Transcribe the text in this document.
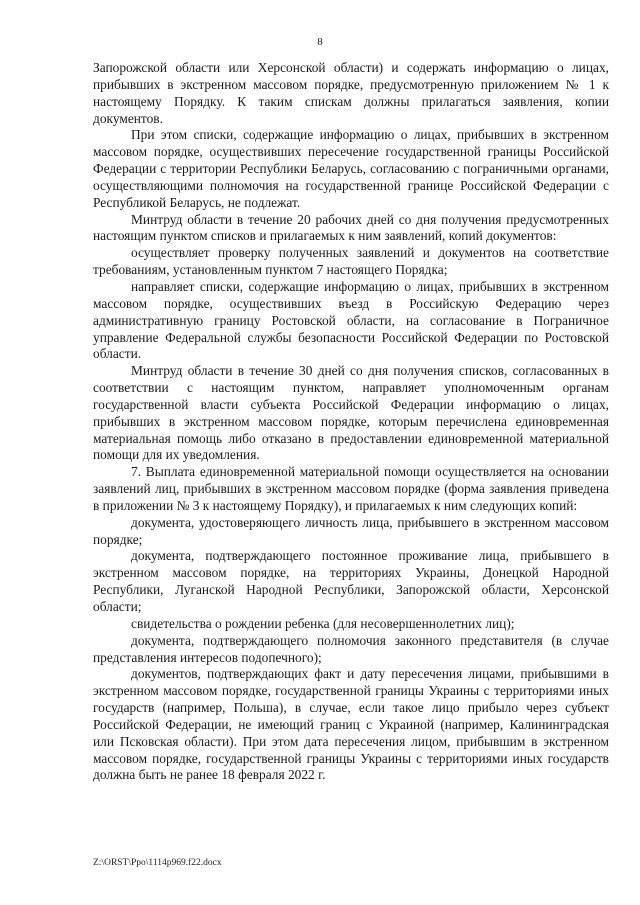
8

Запорожской области или Херсонской области) и содержать информацию о лицах, прибывших в экстренном массовом порядке, предусмотренную приложением № 1 к настоящему Порядку. К таким спискам должны прилагаться заявления, копии документов.

При этом списки, содержащие информацию о лицах, прибывших в экстренном массовом порядке, осуществивших пересечение государственной границы Российской Федерации с территории Республики Беларусь, согласованию с пограничными органами, осуществляющими полномочия на государственной границе Российской Федерации с Республикой Беларусь, не подлежат.

Минтруд области в течение 20 рабочих дней со дня получения предусмотренных настоящим пунктом списков и прилагаемых к ним заявлений, копий документов:

осуществляет проверку полученных заявлений и документов на соответствие требованиям, установленным пунктом 7 настоящего Порядка;

направляет списки, содержащие информацию о лицах, прибывших в экстренном массовом порядке, осуществивших въезд в Российскую Федерацию через административную границу Ростовской области, на согласование в Пограничное управление Федеральной службы безопасности Российской Федерации по Ростовской области.

Минтруд области в течение 30 дней со дня получения списков, согласованных в соответствии с настоящим пунктом, направляет уполномоченным органам государственной власти субъекта Российской Федерации информацию о лицах, прибывших в экстренном массовом порядке, которым перечислена единовременная материальная помощь либо отказано в предоставлении единовременной материальной помощи для их уведомления.

7. Выплата единовременной материальной помощи осуществляется на основании заявлений лиц, прибывших в экстренном массовом порядке (форма заявления приведена в приложении № 3 к настоящему Порядку), и прилагаемых к ним следующих копий:

документа, удостоверяющего личность лица, прибывшего в экстренном массовом порядке;

документа, подтверждающего постоянное проживание лица, прибывшего в экстренном массовом порядке, на территориях Украины, Донецкой Народной Республики, Луганской Народной Республики, Запорожской области, Херсонской области;

свидетельства о рождении ребенка (для несовершеннолетних лиц);

документа, подтверждающего полномочия законного представителя (в случае представления интересов подопечного);

документов, подтверждающих факт и дату пересечения лицами, прибывшими в экстренном массовом порядке, государственной границы Украины с территориями иных государств (например, Польша), в случае, если такое лицо прибыло через субъект Российской Федерации, не имеющий границ с Украиной (например, Калининградская или Псковская области). При этом дата пересечения лицом, прибывшим в экстренном массовом порядке, государственной границы Украины с территориями иных государств должна быть не ранее 18 февраля 2022 г.

Z:\ORST\Ppo\1114p969.f22.docx
